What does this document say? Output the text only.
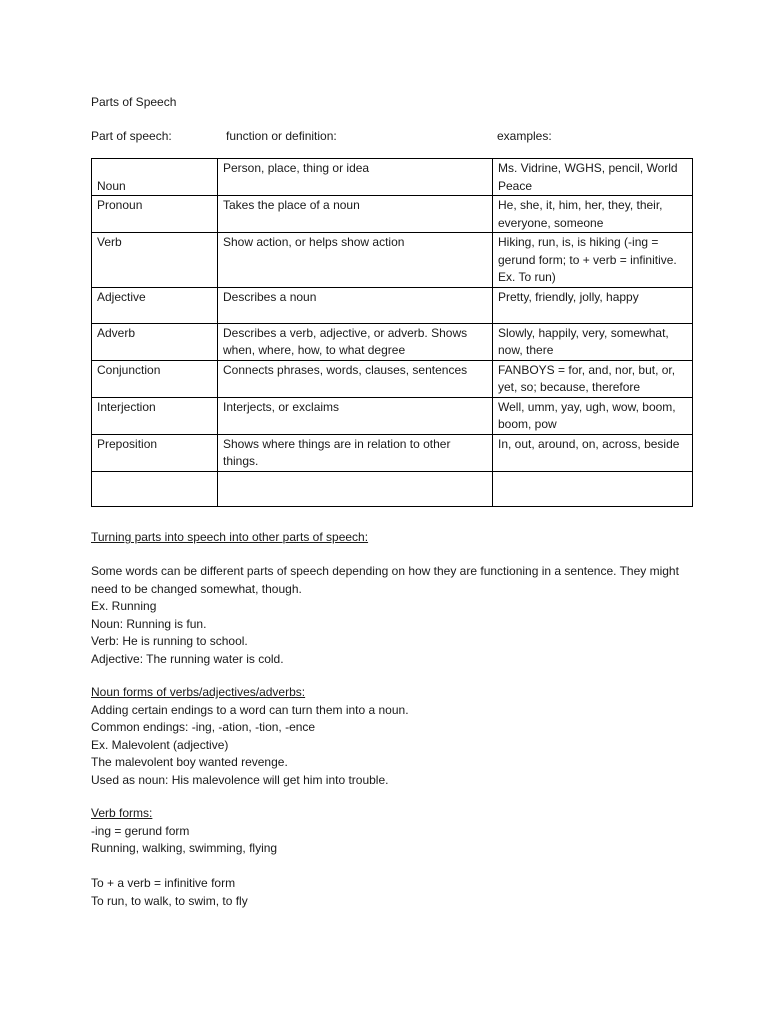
Parts of Speech
Part of speech:	function or definition:	examples:
Noun	Person, place, thing or idea	Ms. Vidrine, WGHS, pencil, World Peace
Pronoun	Takes the place of a noun	He, she, it, him, her, they, their, everyone, someone
Verb	Show action, or helps show action	Hiking, run, is, is hiking (-ing = gerund form; to + verb = infinitive. Ex. To run)
Adjective	Describes a noun	Pretty, friendly, jolly, happy
Adverb	Describes a verb, adjective, or adverb. Shows when, where, how, to what degree	Slowly, happily, very, somewhat, now, there
Conjunction	Connects phrases, words, clauses, sentences	FANBOYS = for, and, nor, but, or, yet, so; because, therefore
Interjection	Interjects, or exclaims	Well, umm, yay, ugh, wow, boom, boom, pow
Preposition	Shows where things are in relation to other things.	In, out, around, on, across, beside

Turning parts into speech into other parts of speech:

Some words can be different parts of speech depending on how they are functioning in a sentence. They might need to be changed somewhat, though.

Ex. Running

Noun: Running is fun.

Verb: He is running to school.

Adjective: The running water is cold.

Noun forms of verbs/adjectives/adverbs:

Adding certain endings to a word can turn them into a noun.

Common endings: -ing, -ation, -tion, -ence

Ex. Malevolent (adjective)

The malevolent boy wanted revenge.

Used as noun: His malevolence will get him into trouble.

Verb forms:

-ing = gerund form

Running, walking, swimming, flying

To + a verb = infinitive form

To run, to walk, to swim, to fly
